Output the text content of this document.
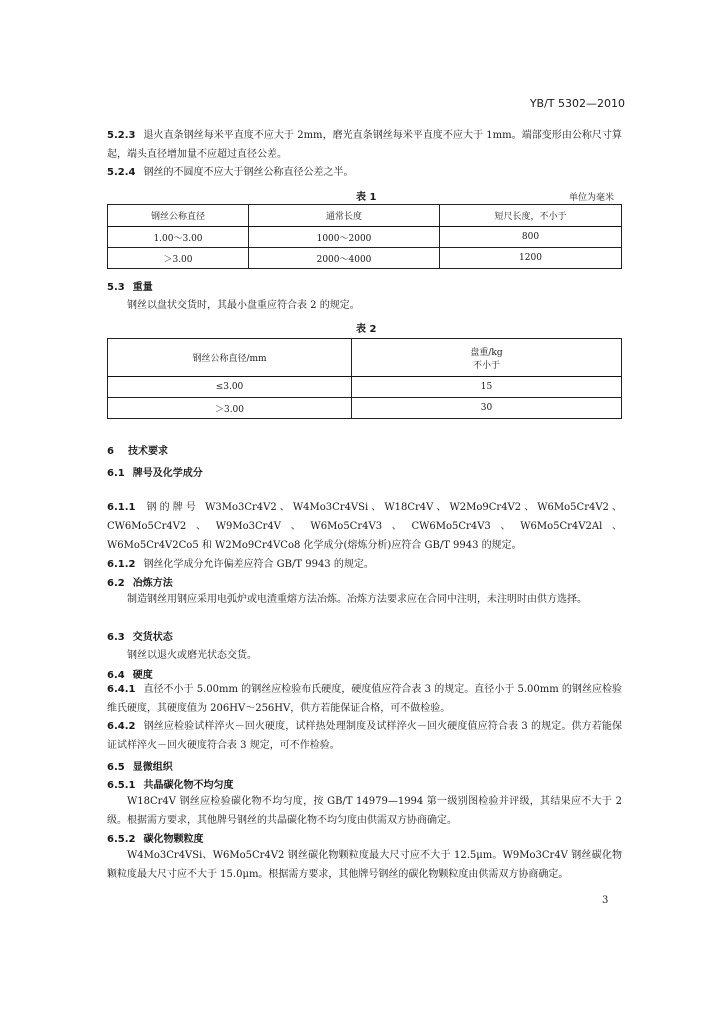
YB/T 5302—2010
5.2.3 退火直条钢丝每米平直度不应大于 2mm，磨光直条钢丝每米平直度不应大于 1mm。端部变形由公称尺寸算起，端头直径增加量不应超过直径公差。
5.2.4 钢丝的不圆度不应大于钢丝公称直径公差之半。
表 1	单位为毫米
钢丝公称直径	通常长度	短尺长度，不小于
1.00～3.00	1000～2000	800
＞3.00	2000～4000	1200
5.3 重量
钢丝以盘状交货时，其最小盘重应符合表 2 的规定。
表 2
钢丝公称直径/mm	盘重/kg
不小于

≤3.00	15
＞3.00	30
6 技术要求
6.1 牌号及化学成分
6.1.1 钢的牌号 W3Mo3Cr4V2、W4Mo3Cr4VSi、W18Cr4V、W2Mo9Cr4V2、W6Mo5Cr4V2、CW6Mo5Cr4V2、W9Mo3Cr4V、W6Mo5Cr4V3、CW6Mo5Cr4V3、W6Mo5Cr4V2Al、W6Mo5Cr4V2Co5 和 W2Mo9Cr4VCo8 化学成分(熔炼分析)应符合 GB/T 9943 的规定。
6.1.2 钢丝化学成分允许偏差应符合 GB/T 9943 的规定。
6.2 冶炼方法
制造钢丝用钢应采用电弧炉或电渣重熔方法冶炼。冶炼方法要求应在合同中注明，未注明时由供方选择。
6.3 交货状态
钢丝以退火或磨光状态交货。
6.4 硬度
6.4.1 直径不小于 5.00mm 的钢丝应检验布氏硬度，硬度值应符合表 3 的规定。直径小于 5.00mm 的钢丝应检验维氏硬度，其硬度值为 206HV～256HV，供方若能保证合格，可不做检验。
6.4.2 钢丝应检验试样淬火－回火硬度，试样热处理制度及试样淬火－回火硬度值应符合表 3 的规定。供方若能保证试样淬火－回火硬度符合表 3 规定，可不作检验。
6.5 显微组织
6.5.1 共晶碳化物不均匀度
W18Cr4V 钢丝应检验碳化物不均匀度，按 GB/T 14979—1994 第一级别图检验并评级，其结果应不大于 2 级。根据需方要求，其他牌号钢丝的共晶碳化物不均匀度由供需双方协商确定。
6.5.2 碳化物颗粒度
W4Mo3Cr4VSi、W6Mo5Cr4V2 钢丝碳化物颗粒度最大尺寸应不大于 12.5μm。W9Mo3Cr4V 钢丝碳化物颗粒度最大尺寸应不大于 15.0μm。根据需方要求，其他牌号钢丝的碳化物颗粒度由供需双方协商确定。
3
